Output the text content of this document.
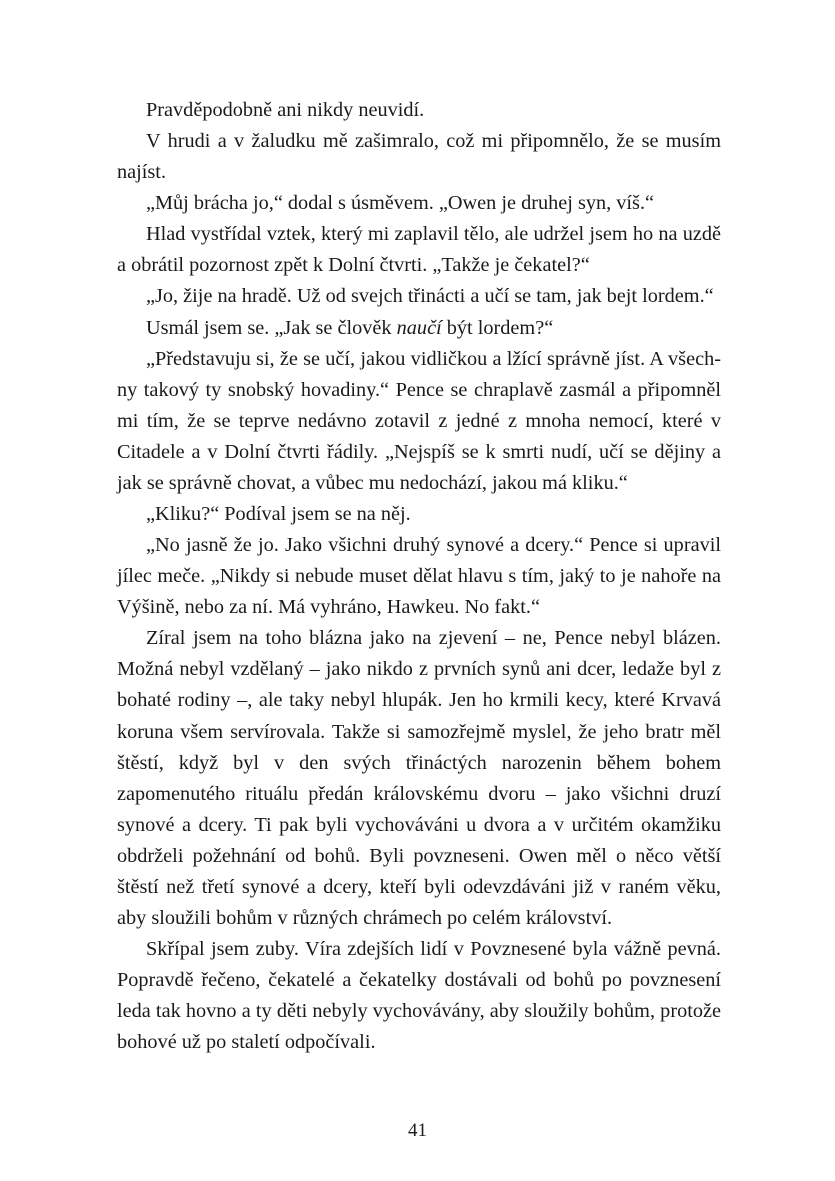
Pravděpodobně ani nikdy neuvidí.

V hrudi a v žaludku mě zašimralo, což mi připomnělo, že se musím najíst.

„Můj brácha jo,“ dodal s úsměvem. „Owen je druhej syn, víš.“

Hlad vystřídal vztek, který mi zaplavil tělo, ale udržel jsem ho na uzdě a obrátil pozornost zpět k Dolní čtvrti. „Takže je čekatel?“

„Jo, žije na hradě. Už od svejch třinácti a učí se tam, jak bejt lordem.“

Usmál jsem se. „Jak se člověk naučí být lordem?“

„Představuju si, že se učí, jakou vidličkou a lžící správně jíst. A všechny takový ty snobský hovadiny.“ Pence se chraplavě zasmál a připomněl mi tím, že se teprve nedávno zotavil z jedné z mnoha nemocí, které v Citadele a v Dolní čtvrti řádily. „Nejspíš se k smrti nudí, učí se dějiny a jak se správně chovat, a vůbec mu nedochází, jakou má kliku.“

„Kliku?“ Podíval jsem se na něj.

„No jasně že jo. Jako všichni druhý synové a dcery.“ Pence si upravil jílec meče. „Nikdy si nebude muset dělat hlavu s tím, jaký to je nahoře na Výšině, nebo za ní. Má vyhráno, Hawkeu. No fakt.“

Zíral jsem na toho blázna jako na zjevení – ne, Pence nebyl blázen. Možná nebyl vzdělaný – jako nikdo z prvních synů ani dcer, ledaže byl z bohaté rodiny –, ale taky nebyl hlupák. Jen ho krmili kecy, které Krvavá koruna všem servírovala. Takže si samozřejmě myslel, že jeho bratr měl štěstí, když byl v den svých třináctých narozenin během bohem zapomenutého rituálu předán královskému dvoru – jako všichni druzí synové a dcery. Ti pak byli vychováváni u dvora a v určitém okamžiku obdrželi požehnání od bohů. Byli povzneseni. Owen měl o něco větší štěstí než třetí synové a dcery, kteří byli odevzdáváni již v raném věku, aby sloužili bohům v různých chrámech po celém království.

Skřípal jsem zuby. Víra zdejších lidí v Povznesené byla vážně pevná. Popravdě řečeno, čekatelé a čekatelky dostávali od bohů po povznesení leda tak hovno a ty děti nebyly vychovávány, aby sloužily bohům, protože bohové už po staletí odpočívali.

41
